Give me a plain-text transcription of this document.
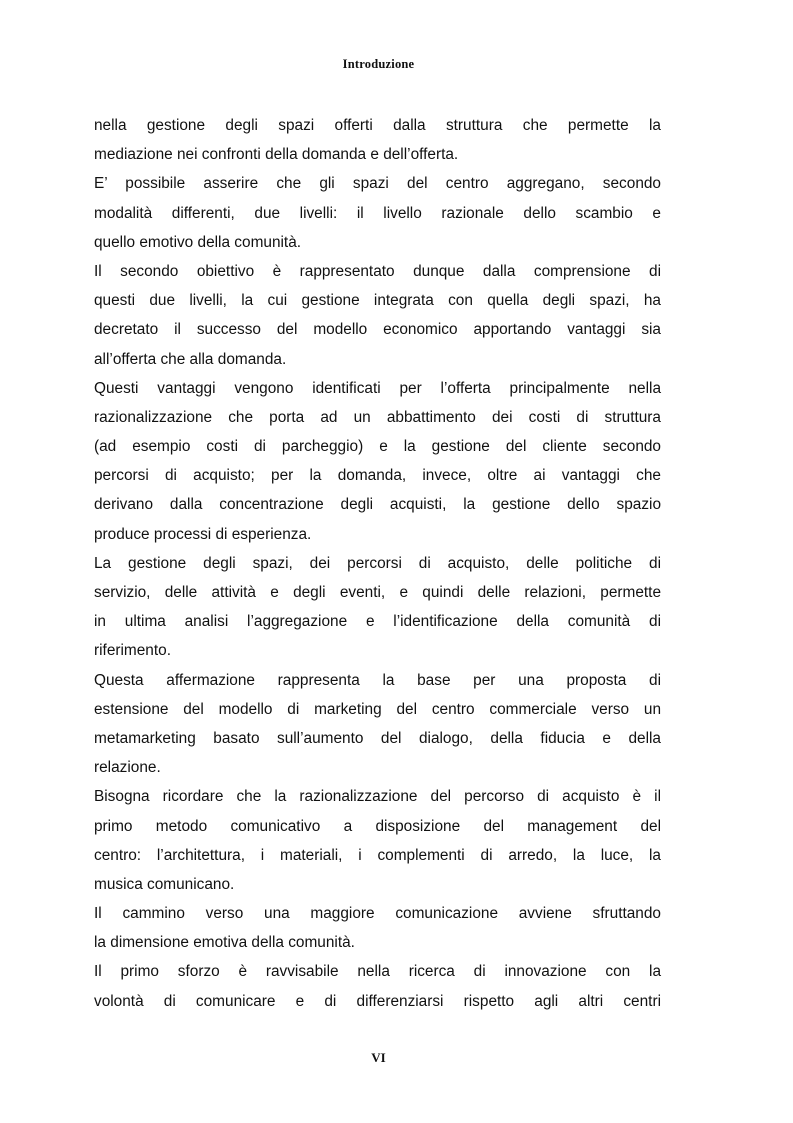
Introduzione
nella gestione degli spazi offerti dalla struttura che permette la
mediazione nei confronti della domanda e dell’offerta.
E’ possibile asserire che gli spazi del centro aggregano, secondo
modalità differenti, due livelli: il livello razionale dello scambio e
quello emotivo della comunità.
Il secondo obiettivo è rappresentato dunque dalla comprensione di
questi due livelli, la cui gestione integrata con quella degli spazi, ha
decretato il successo del modello economico apportando vantaggi sia
all’offerta che alla domanda.
Questi vantaggi vengono identificati per l’offerta principalmente nella
razionalizzazione che porta ad un abbattimento dei costi di struttura
(ad esempio costi di parcheggio) e la gestione del cliente secondo
percorsi di acquisto; per la domanda, invece, oltre ai vantaggi che
derivano dalla concentrazione degli acquisti, la gestione dello spazio
produce processi di esperienza.
La gestione degli spazi, dei percorsi di acquisto, delle politiche di
servizio, delle attività e degli eventi, e quindi delle relazioni, permette
in ultima analisi l’aggregazione e l’identificazione della comunità di
riferimento.
Questa affermazione rappresenta la base per una proposta di
estensione del modello di marketing del centro commerciale verso un
metamarketing basato sull’aumento del dialogo, della fiducia e della
relazione.
Bisogna ricordare che la razionalizzazione del percorso di acquisto è il
primo metodo comunicativo a disposizione del management del
centro: l’architettura, i materiali, i complementi di arredo, la luce, la
musica comunicano.
Il cammino verso una maggiore comunicazione avviene sfruttando
la dimensione emotiva della comunità.
Il primo sforzo è ravvisabile nella ricerca di innovazione con la
volontà di comunicare e di differenziarsi rispetto agli altri centri
VI
